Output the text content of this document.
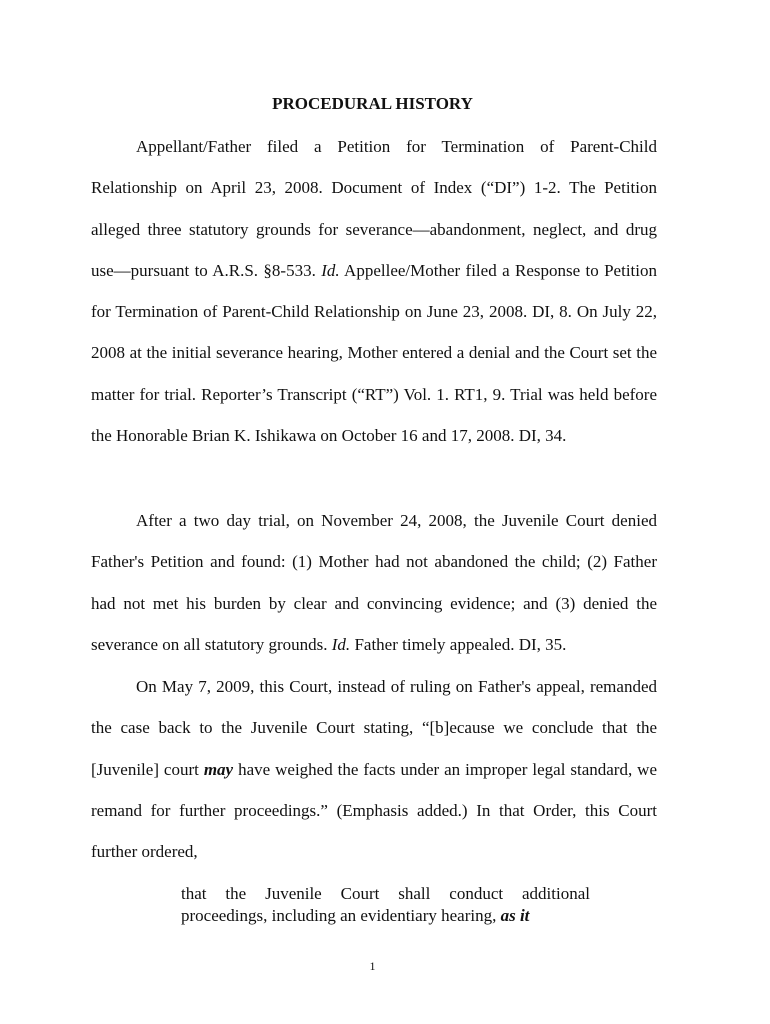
PROCEDURAL HISTORY

Appellant/Father filed a Petition for Termination of Parent-Child Relationship on April 23, 2008. Document of Index (“DI”) 1-2. The Petition alleged three statutory grounds for severance—abandonment, neglect, and drug use—pursuant to A.R.S. §8-533. Id. Appellee/Mother filed a Response to Petition for Termination of Parent-Child Relationship on June 23, 2008. DI, 8. On July 22, 2008 at the initial severance hearing, Mother entered a denial and the Court set the matter for trial. Reporter’s Transcript (“RT”) Vol. 1. RT1, 9. Trial was held before the Honorable Brian K. Ishikawa on October 16 and 17, 2008. DI, 34.

After a two day trial, on November 24, 2008, the Juvenile Court denied Father's Petition and found: (1) Mother had not abandoned the child; (2) Father had not met his burden by clear and convincing evidence; and (3) denied the severance on all statutory grounds. Id. Father timely appealed. DI, 35.

On May 7, 2009, this Court, instead of ruling on Father's appeal, remanded the case back to the Juvenile Court stating, “[b]ecause we conclude that the [Juvenile] court may have weighed the facts under an improper legal standard, we remand for further proceedings.” (Emphasis added.) In that Order, this Court further ordered,

that the Juvenile Court shall conduct additional proceedings, including an evidentiary hearing, as it

1
